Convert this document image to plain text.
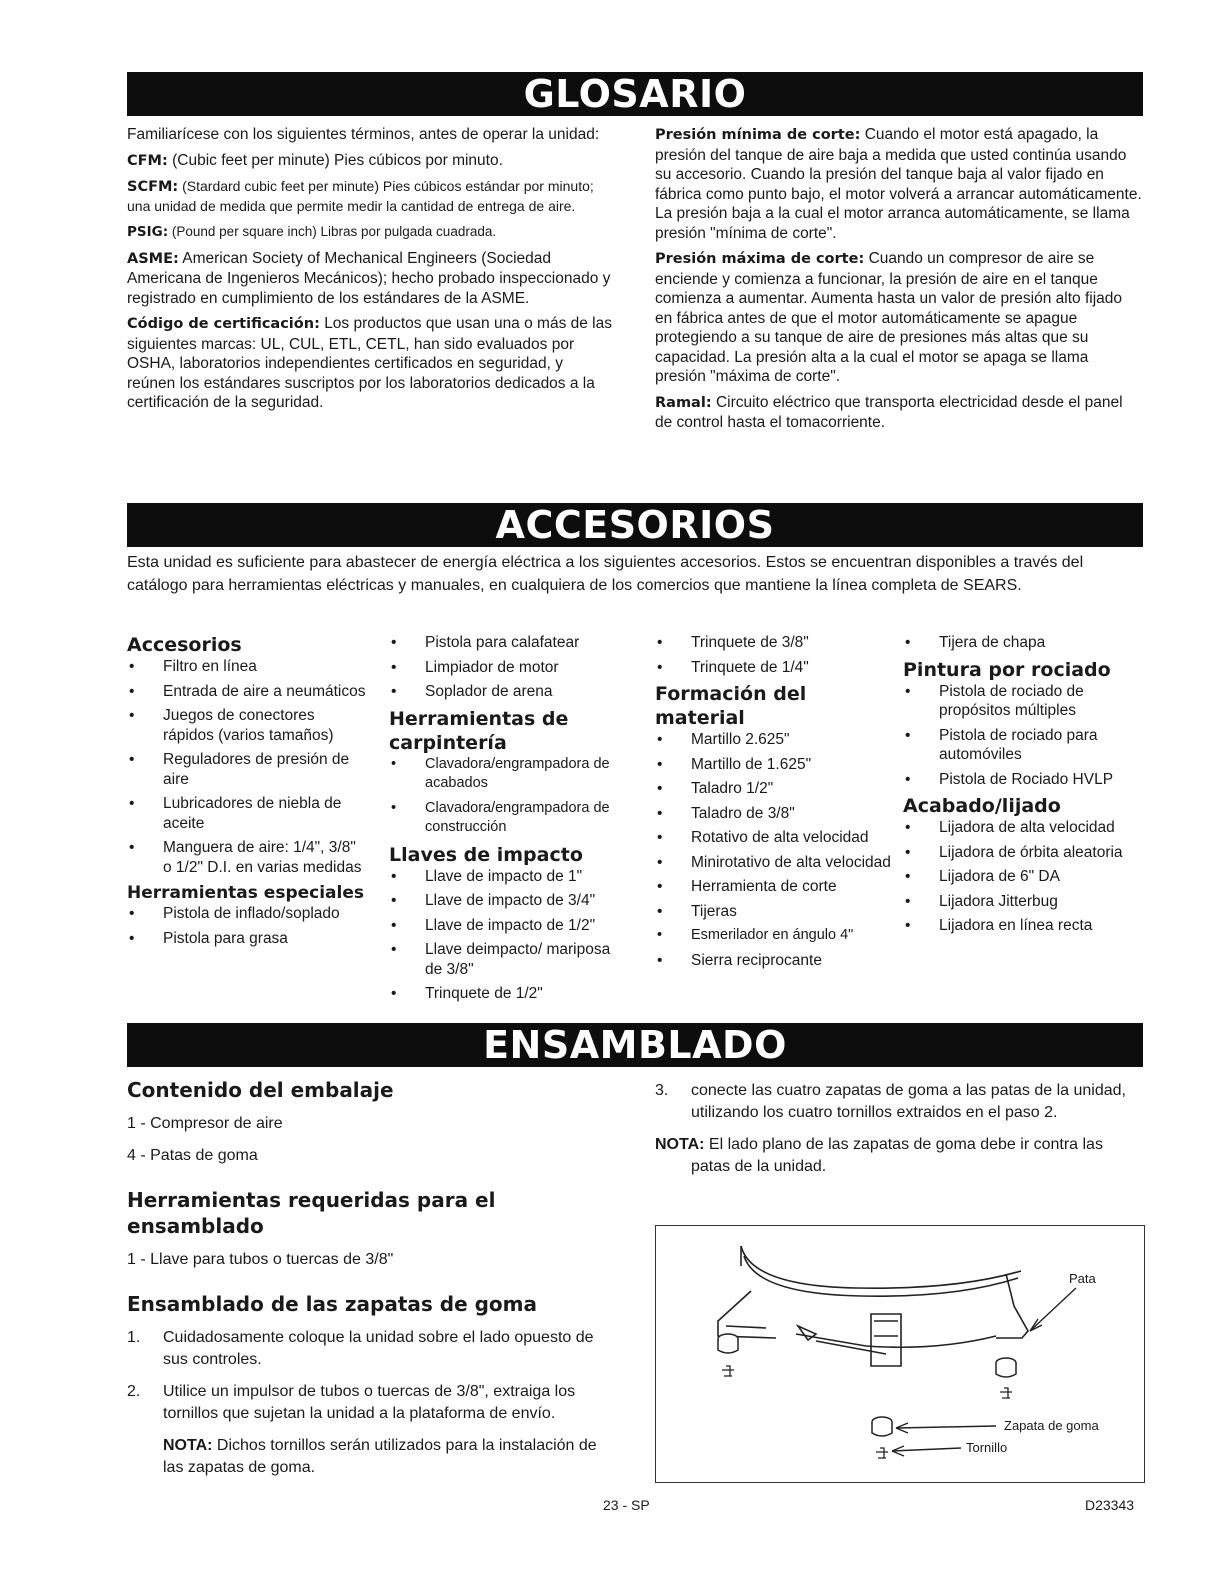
GLOSARIO

Familiarícese con los siguientes términos, antes de operar la unidad:

CFM: (Cubic feet per minute) Pies cúbicos por minuto.

SCFM: (Stardard cubic feet per minute) Pies cúbicos estándar por minuto; una unidad de medida que permite medir la cantidad de entrega de aire.

PSIG: (Pound per square inch) Libras por pulgada cuadrada.

ASME: American Society of Mechanical Engineers (Sociedad Americana de Ingenieros Mecánicos); hecho probado inspeccionado y registrado en cumplimiento de los estándares de la ASME.

Código de certificación: Los productos que usan una o más de las siguientes marcas: UL, CUL, ETL, CETL, han sido evaluados por OSHA, laboratorios independientes certificados en seguridad, y reúnen los estándares suscriptos por los laboratorios dedicados a la certificación de la seguridad.

Presión mínima de corte: Cuando el motor está apagado, la presión del tanque de aire baja a medida que usted continúa usando su accesorio. Cuando la presión del tanque baja al valor fijado en fábrica como punto bajo, el motor volverá a arrancar automáticamente. La presión baja a la cual el motor arranca automáticamente, se llama presión "mínima de corte".

Presión máxima de corte: Cuando un compresor de aire se enciende y comienza a funcionar, la presión de aire en el tanque comienza a aumentar. Aumenta hasta un valor de presión alto fijado en fábrica antes de que el motor automáticamente se apague protegiendo a su tanque de aire de presiones más altas que su capacidad. La presión alta a la cual el motor se apaga se llama presión "máxima de corte".

Ramal: Circuito eléctrico que transporta electricidad desde el panel de control hasta el tomacorriente.

ACCESORIOS
Esta unidad es suficiente para abastecer de energía eléctrica a los siguientes accesorios. Estos se encuentran disponibles a través del catálogo para herramientas eléctricas y manuales, en cualquiera de los comercios que mantiene la línea completa de SEARS.
Accesorios
• Filtro en línea
• Entrada de aire a neumáticos
• Juegos de conectores rápidos (varios tamaños)
• Reguladores de presión de aire
• Lubricadores de niebla de aceite
• Manguera de aire: 1/4", 3/8" o 1/2" D.I. en varias medidas
Herramientas especiales
• Pistola de inflado/soplado
• Pistola para grasa
• Pistola para calafatear
• Limpiador de motor
• Soplador de arena
Herramientas de carpintería
• Clavadora/engrampadora de acabados
• Clavadora/engrampadora de construcción
Llaves de impacto
• Llave de impacto de 1"
• Llave de impacto de 3/4"
• Llave de impacto de 1/2"
• Llave deimpacto/ mariposa de 3/8"
• Trinquete de 1/2"
• Trinquete de 3/8"
• Trinquete de 1/4"
Formación del material
• Martillo 2.625"
• Martillo de 1.625"
• Taladro 1/2"
• Taladro de 3/8"
• Rotativo de alta velocidad
• Minirotativo de alta velocidad
• Herramienta de corte
• Tijeras
• Esmerilador en ángulo 4"
• Sierra reciprocante
• Tijera de chapa
Pintura por rociado
• Pistola de rociado de propósitos múltiples
• Pistola de rociado para automóviles
• Pistola de Rociado HVLP
Acabado/lijado
• Lijadora de alta velocidad
• Lijadora de órbita aleatoria
• Lijadora de 6" DA
• Lijadora Jitterbug
• Lijadora en línea recta
ENSAMBLADO
Contenido del embalaje
1 - Compresor de aire
4 - Patas de goma
Herramientas requeridas para el ensamblado
1 - Llave para tubos o tuercas de 3/8"
Ensamblado de las zapatas de goma
1. Cuidadosamente coloque la unidad sobre el lado opuesto de sus controles.
2. Utilice un impulsor de tubos o tuercas de 3/8", extraiga los tornillos que sujetan la unidad a la plataforma de envío.
NOTA: Dichos tornillos serán utilizados para la instalación de las zapatas de goma.
3. conecte las cuatro zapatas de goma a las patas de la unidad, utilizando los cuatro tornillos extraidos en el paso 2.
NOTA: El lado plano de las zapatas de goma debe ir contra las patas de la unidad.
Pata
Zapata de goma
Tornillo
23 - SP	D23343
